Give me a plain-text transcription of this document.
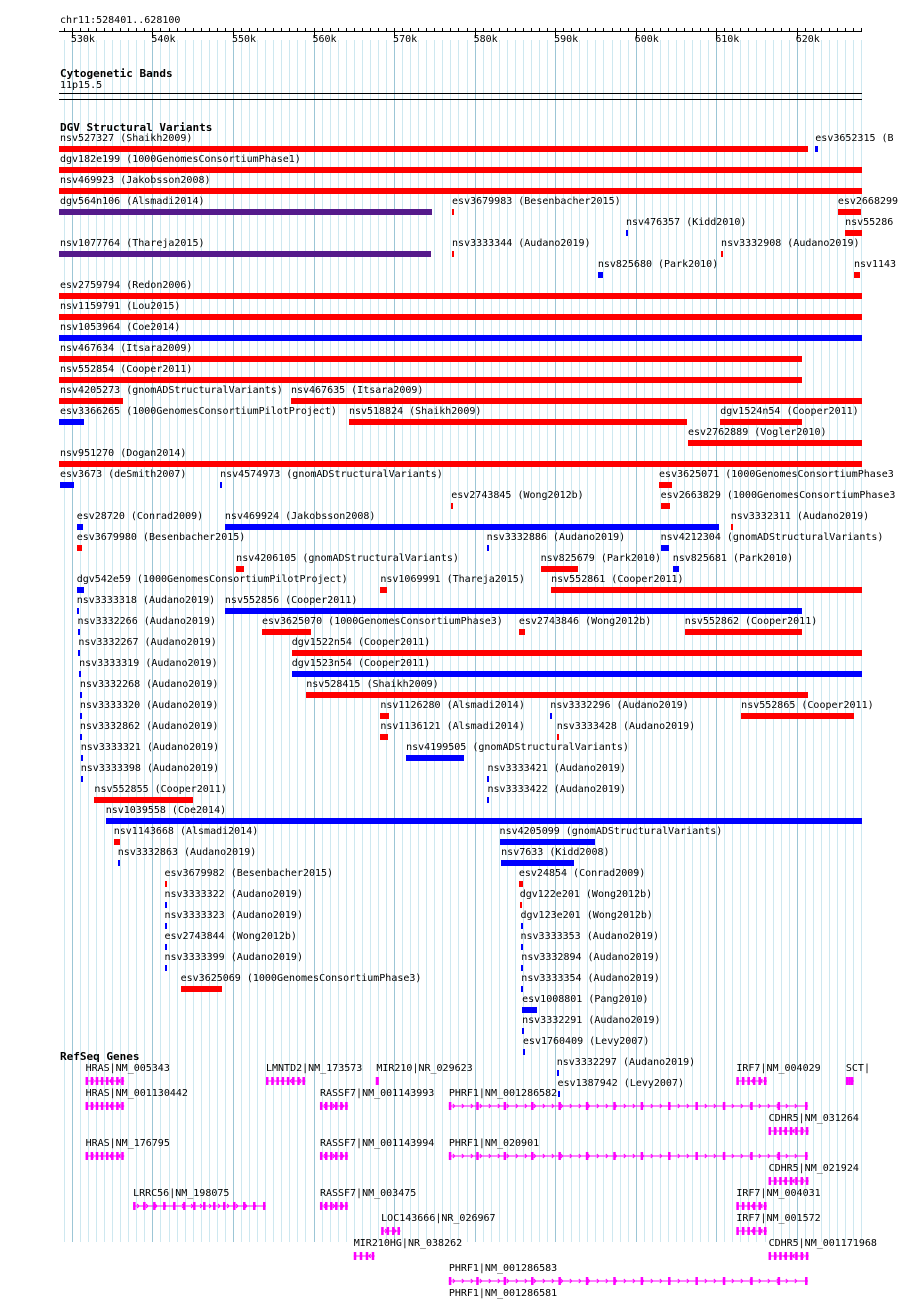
chr11:528401..628100
530k	540k	550k	560k	570k	580k	590k	600k	610k	620k
Cytogenetic Bands
11p15.5
DGV Structural Variants
nsv527327 (Shaikh2009)	esv3652315 (B
dgv182e199 (1000GenomesConsortiumPhase1)
nsv469923 (Jakobsson2008)
dgv564n106 (Alsmadi2014)	esv3679983 (Besenbacher2015)
nsv476357 (Kidd2010)
esv2668299
nsv1077764 (Thareja2015)	nsv3333344 (Audano2019)
nsv825680 (Park2010)
nsv3332908 (Audano2019)
esv2759794 (Redon2006)
nsv1159791 (Lou2015)
nsv1053964 (Coe2014)
nsv467634 (Itsara2009)
nsv55286
nsv552854 (Cooper2011)
nsv1143
nsv4205273 (gnomADStructuralVariants) nsv467635 (Itsara2009)
esv3366265 (1000GenomesConsortiumPilotProject) nsv518824 (Shaikh2009)
esv2762889 (Vogler2010)
nsv951270 (Dogan2014)
esv3673 (deSmith2007)	nsv4574973 (gnomADStructuralVariants)
esv2743845 (Wong2012b)
esv3625071 (1000GenomesConsortiumPhase3
esv28720 (Conrad2009) nsv469924 (Jakobsson2008)
dgv1524n54 (Cooper2011)
esv3679980 (Besenbacher2015)
nsv4206105 (gnomADStructuralVariants)
nsv3332886 (Audano2019)
esv2663829 (1000GenomesConsortiumPhase3
dgv542e59 (1000GenomesConsortiumPilotProject)	nsv1069991 (Thareja2015)
nsv825679 (Park2010)
nsv4212304 (gnomADStructuralVariants)
nsv3333318 (Audano2019) nsv552856 (Cooper2011)
nsv3332266 (Audano2019)	esv3625070 (1000GenomesConsortiumPhase3) esv2743846 (Wong2012b)
nsv825681 (Park2010)
nsv3332267 (Audano2019)	dgv1522n54 (Cooper2011)
nsv3333319 (Audano2019)	dgv1523n54 (Cooper2011)
nsv3332268 (Audano2019)	nsv528415 (Shaikh2009)
nsv3333320 (Audano2019)	nsv1126280 (Alsmadi2014)
nsv552861 (Cooper2011)
nsv3332862 (Audano2019)	nsv1136121 (Alsmadi2014)
nsv3332296 (Audano2019)
nsv3332311 (Audano2019)
nsv3333321 (Audano2019)	nsv4199505 (gnomADStructuralVariants)
nsv552862 (Cooper2011)
nsv3333398 (Audano2019)	nsv3333421 (Audano2019)
nsv552865 (Cooper2011)
nsv552855 (Cooper2011)	nsv3333422 (Audano2019)
nsv1039558 (Coe2014)
nsv1143668 (Alsmadi2014)	nsv4205099 (gnomADStructuralVariants)
nsv3332863 (Audano2019)	nsv7633 (Kidd2008)
esv3679982 (Besenbacher2015)	esv24854 (Conrad2009)
nsv3333322 (Audano2019)	dgv122e201 (Wong2012b)
nsv3333323 (Audano2019)	dgv123e201 (Wong2012b)
esv2743844 (Wong2012b)	nsv3333353 (Audano2019)
nsv3333399 (Audano2019)	nsv3332894 (Audano2019)
esv3625069 (1000GenomesConsortiumPhase3)	nsv3333354 (Audano2019)
esv1008801 (Pang2010)
nsv3332291 (Audano2019)
esv1760409 (Levy2007)
nsv3333428 (Audano2019)
nsv3332297 (Audano2019)
esv1387942 (Levy2007)
RefSeq Genes
HRAS|NM_005343	LMNTD2|NM_173573 MIR210|NR_029623	IRF7|NM_004029	SCT|
HRAS|NM_001130442	RASSF7|NM_001143993 PHRF1|NM_001286582
CDHR5|NM_031264
HRAS|NM_176795	RASSF7|NM_001143994 PHRF1|NM_020901
CDHR5|NM_021924
LRRC56|NM_198075	RASSF7|NM_003475
LOC143666|NR_026967
IRF7|NM_004031
MIR210HG|NR_038262
IRF7|NM_001572
PHRF1|NM_001286583
CDHR5|NM_001171968
PHRF1|NM_001286581
